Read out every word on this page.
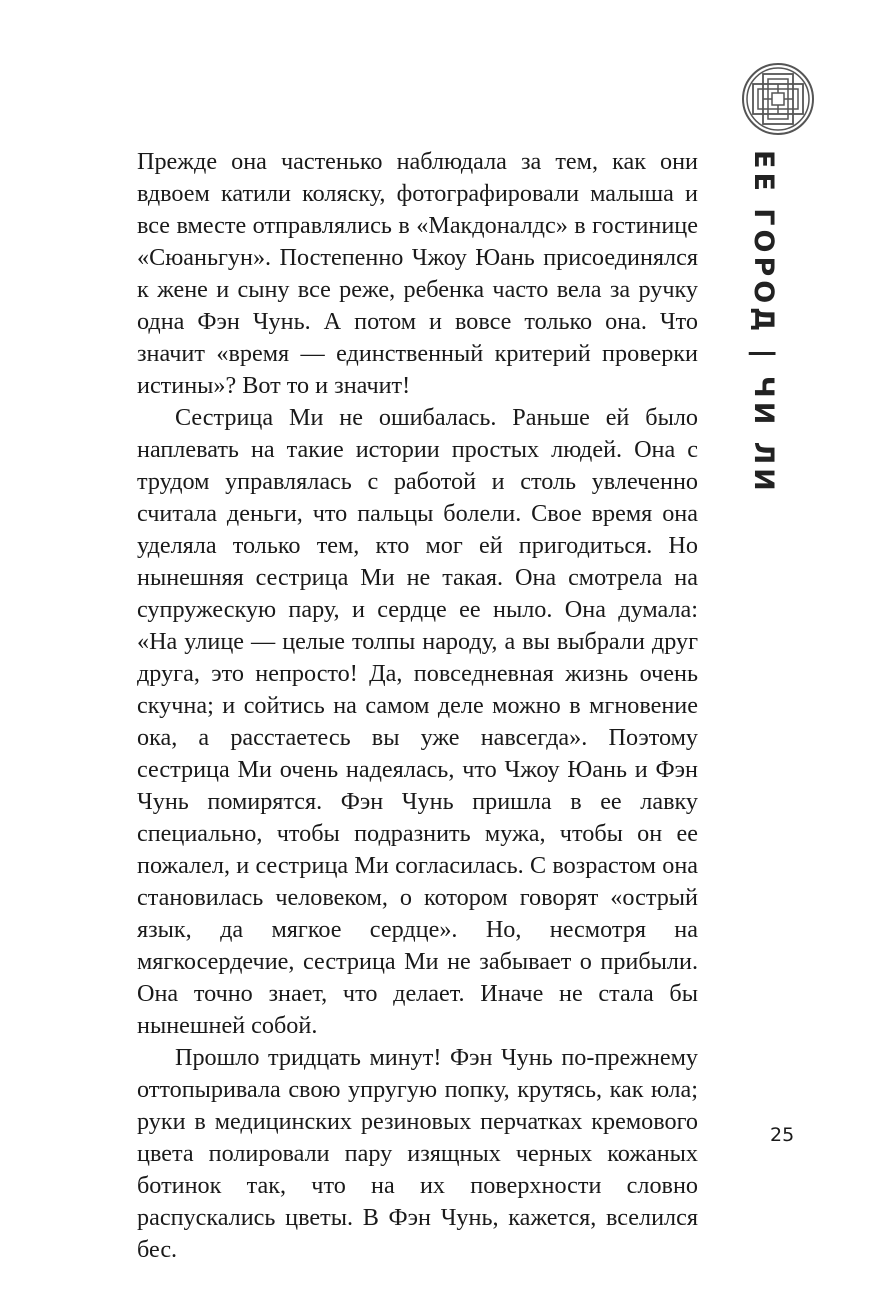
ЕЕ ГОРОД | ЧИ ЛИ

Прежде она частенько наблюдала за тем, как они вдвоем катили коляску, фотографировали малыша и все вместе отправлялись в «Макдоналдс» в гостинице «Сюаньгун». Постепенно Чжоу Юань присоединялся к жене и сыну все реже, ребенка часто вела за ручку одна Фэн Чунь. А потом и вовсе только она. Что значит «время — единственный критерий проверки истины»? Вот то и значит!

Сестрица Ми не ошибалась. Раньше ей было наплевать на такие истории простых людей. Она с трудом управлялась с работой и столь увлеченно считала деньги, что пальцы болели. Свое время она уделяла только тем, кто мог ей пригодиться. Но нынешняя сестрица Ми не такая. Она смотрела на супружескую пару, и сердце ее ныло. Она думала: «На улице — целые толпы народу, а вы выбрали друг друга, это непросто! Да, повседневная жизнь очень скучна; и сойтись на самом деле можно в мгновение ока, а расстаетесь вы уже навсегда». Поэтому сестрица Ми очень надеялась, что Чжоу Юань и Фэн Чунь помирятся. Фэн Чунь пришла в ее лавку специально, чтобы подразнить мужа, чтобы он ее пожалел, и сестрица Ми согласилась. С возрастом она становилась человеком, о котором говорят «острый язык, да мягкое сердце». Но, несмотря на мягкосердечие, сестрица Ми не забывает о прибыли. Она точно знает, что делает. Иначе не стала бы нынешней собой.

Прошло тридцать минут! Фэн Чунь по-прежнему оттопыривала свою упругую попку, крутясь, как юла; руки в медицинских резиновых перчатках кремового цвета полировали пару изящных черных кожаных ботинок так, что на их поверхности словно распускались цветы. В Фэн Чунь, кажется, вселился бес.

25
